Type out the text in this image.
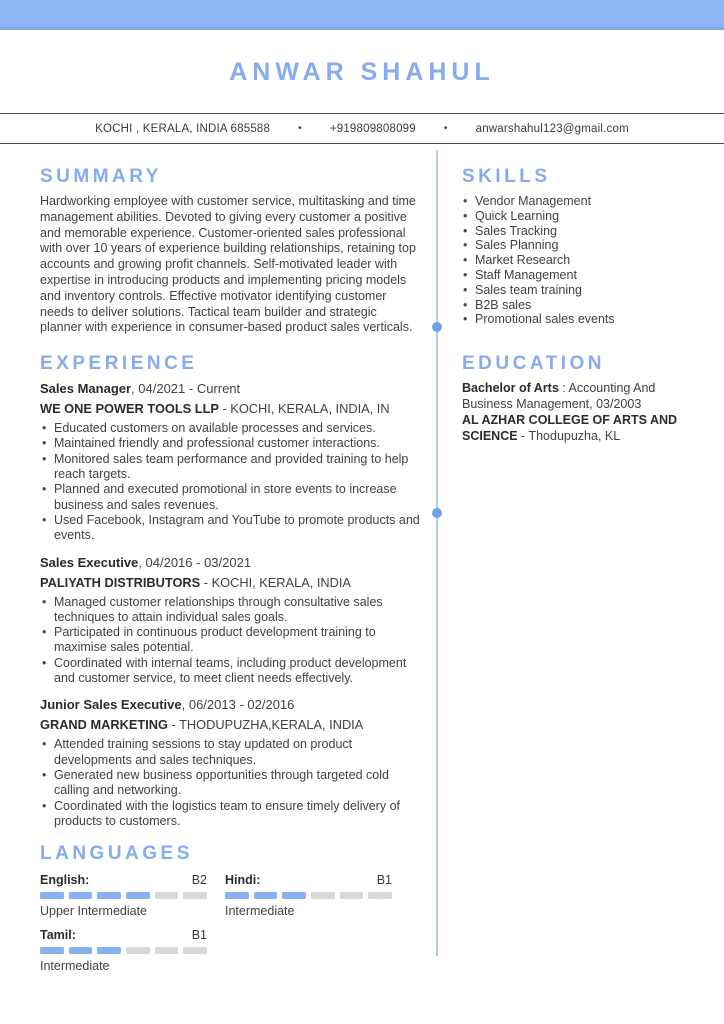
ANWAR SHAHUL
KOCHI , KERALA, INDIA 685588	• +919809808099	• anwarshahul123@gmail.com
SUMMARY
Hardworking employee with customer service, multitasking and time management abilities. Devoted to giving every customer a positive and memorable experience. Customer-oriented sales professional with over 10 years of experience building relationships, retaining top accounts and growing profit channels. Self-motivated leader with expertise in introducing products and implementing pricing models and inventory controls. Effective motivator identifying customer needs to deliver solutions. Tactical team builder and strategic planner with experience in consumer-based product sales verticals.
EXPERIENCE
Sales Manager, 04/2021 - Current
WE ONE POWER TOOLS LLP - KOCHI, KERALA, INDIA, IN
• Educated customers on available processes and services.
• Maintained friendly and professional customer interactions.
• Monitored sales team performance and provided training to help reach targets.
• Planned and executed promotional in store events to increase business and sales revenues.
• Used Facebook, Instagram and YouTube to promote products and events.
Sales Executive, 04/2016 - 03/2021
PALIYATH DISTRIBUTORS - KOCHI, KERALA, INDIA
• Managed customer relationships through consultative sales techniques to attain individual sales goals.
• Participated in continuous product development training to maximise sales potential.
• Coordinated with internal teams, including product development and customer service, to meet client needs effectively.
Junior Sales Executive, 06/2013 - 02/2016
GRAND MARKETING - THODUPUZHA,KERALA, INDIA
• Attended training sessions to stay updated on product developments and sales techniques.
• Generated new business opportunities through targeted cold calling and networking.
• Coordinated with the logistics team to ensure timely delivery of products to customers.
LANGUAGES
English:	B2
Upper Intermediate
Hindi:	B1
Intermediate
Tamil:	B1
Intermediate
SKILLS
• Vendor Management
• Quick Learning
• Sales Tracking
• Sales Planning
• Market Research
• Staff Management
• Sales team training
• B2B sales
• Promotional sales events
EDUCATION
Bachelor of Arts : Accounting And Business Management, 03/2003
AL AZHAR COLLEGE OF ARTS AND SCIENCE - Thodupuzha, KL
